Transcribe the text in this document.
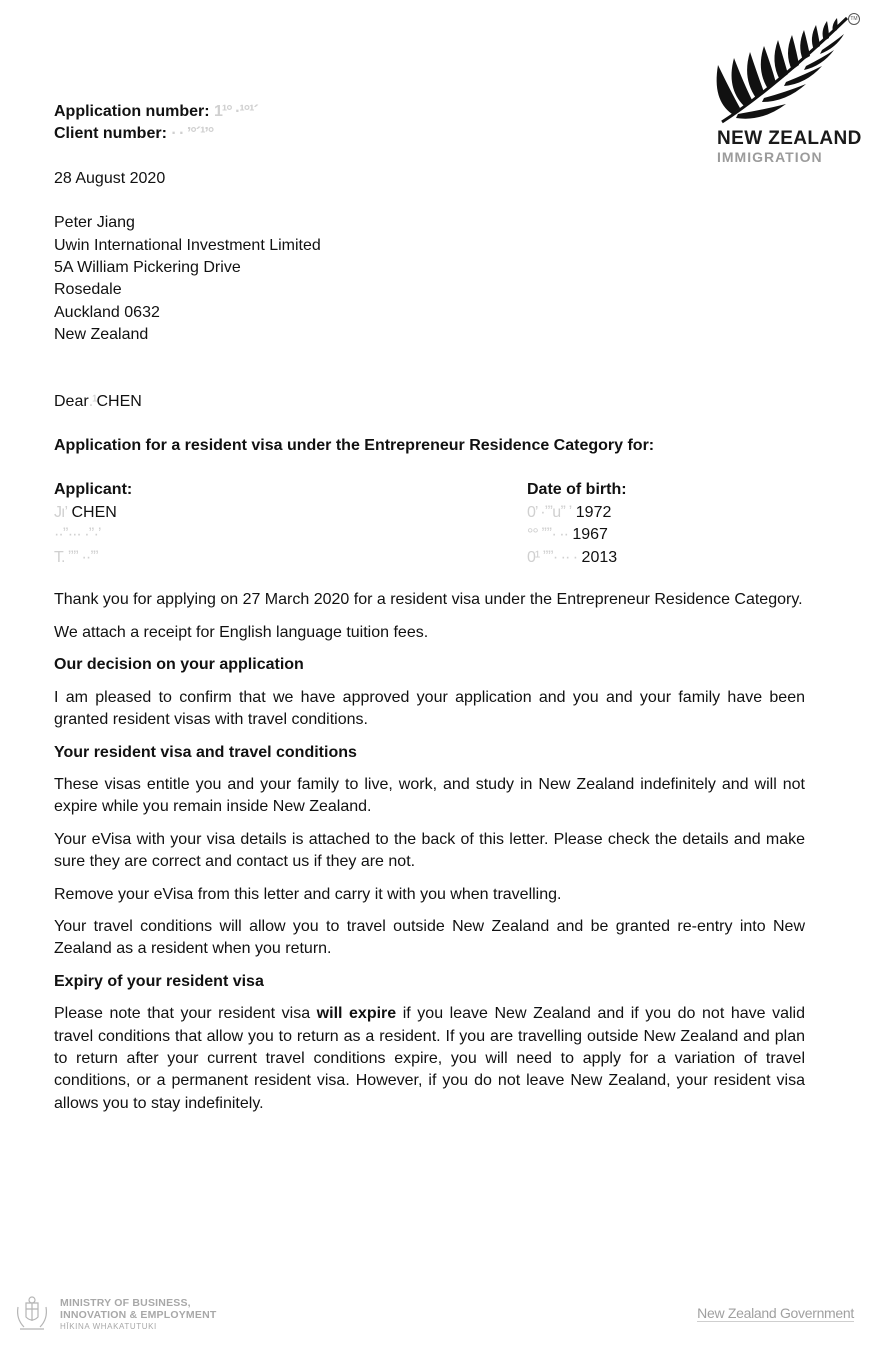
TM
NEW ZEALAND
IMMIGRATION
Application number: 1¹° ·¹°¹´
Client number: · · ’°´¹ʼ°
28 August 2020
Peter Jiang
Uwin International Investment Limited
5A William Pickering Drive
Rosedale
Auckland 0632
New Zealand
Dear.¹CHEN
Application for a resident visa under the Entrepreneur Residence Category for:
Applicant:
Jı’ CHEN
··ʼʼ··· ·ʼʼ·ʼ
T. ʼʼʼʼ ··ʼʼʼ
Date of birth:
0’ ·ʼʼʼuʼʼ ʼ 1972
°° ʼʼʼʼ· ·· 1967
0¹ ʼʼʼʼ· ·· · 2013

Thank you for applying on 27 March 2020 for a resident visa under the Entrepreneur Residence Category.

We attach a receipt for English language tuition fees.

Our decision on your application

I am pleased to confirm that we have approved your application and you and your family have been granted resident visas with travel conditions.

Your resident visa and travel conditions

These visas entitle you and your family to live, work, and study in New Zealand indefinitely and will not expire while you remain inside New Zealand.

Your eVisa with your visa details is attached to the back of this letter. Please check the details and make sure they are correct and contact us if they are not.

Remove your eVisa from this letter and carry it with you when travelling.

Your travel conditions will allow you to travel outside New Zealand and be granted re-entry into New Zealand as a resident when you return.

Expiry of your resident visa

Please note that your resident visa will expire if you leave New Zealand and if you do not have valid travel conditions that allow you to return as a resident. If you are travelling outside New Zealand and plan to return after your current travel conditions expire, you will need to apply for a variation of travel conditions, or a permanent resident visa. However, if you do not leave New Zealand, your resident visa allows you to stay indefinitely.

MINISTRY OF BUSINESS,
INNOVATION & EMPLOYMENT
HĪKINA WHAKATUTUKI
New Zealand Government
